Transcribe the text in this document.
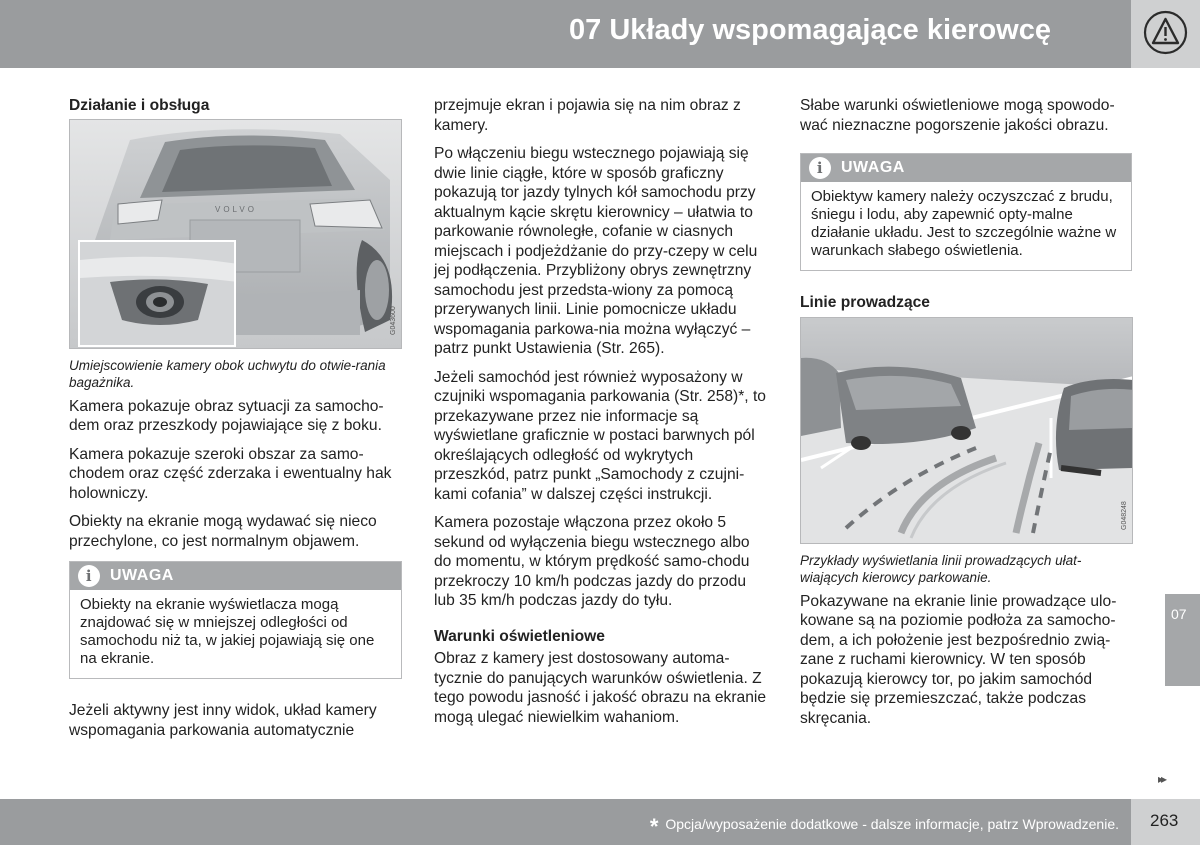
07 Układy wspomagające kierowcę
Działanie i obsługa
VOLVO
G043600
Umiejscowienie kamery obok uchwytu do otwie-rania bagażnika.

Kamera pokazuje obraz sytuacji za samocho-dem oraz przeszkody pojawiające się z boku.

Kamera pokazuje szeroki obszar za samo-chodem oraz część zderzaka i ewentualny hak holowniczy.

Obiekty na ekranie mogą wydawać się nieco przechylone, co jest normalnym objawem.

i	UWAGA
Obiekty na ekranie wyświetlacza mogą znajdować się w mniejszej odległości od samochodu niż ta, w jakiej pojawiają się one na ekranie.

Jeżeli aktywny jest inny widok, układ kamery wspomagania parkowania automatycznie

przejmuje ekran i pojawia się na nim obraz z kamery.

Po włączeniu biegu wstecznego pojawiają się dwie linie ciągłe, które w sposób graficzny pokazują tor jazdy tylnych kół samochodu przy aktualnym kącie skrętu kierownicy – ułatwia to parkowanie równoległe, cofanie w ciasnych miejscach i podjeżdżanie do przy-czepy w celu jej podłączenia. Przybliżony obrys zewnętrzny samochodu jest przedsta-wiony za pomocą przerywanych linii. Linie pomocnicze układu wspomagania parkowa-nia można wyłączyć – patrz punkt Ustawienia (Str. 265).

Jeżeli samochód jest również wyposażony w czujniki wspomagania parkowania (Str. 258)*, to przekazywane przez nie informacje są wyświetlane graficznie w postaci barwnych pól określających odległość od wykrytych przeszkód, patrz punkt „Samochody z czujni-kami cofania” w dalszej części instrukcji.

Kamera pozostaje włączona przez około 5 sekund od wyłączenia biegu wstecznego albo do momentu, w którym prędkość samo-chodu przekroczy 10 km/h podczas jazdy do przodu lub 35 km/h podczas jazdy do tyłu.

Warunki oświetleniowe

Obraz z kamery jest dostosowany automa-tycznie do panujących warunków oświetlenia. Z tego powodu jasność i jakość obrazu na ekranie mogą ulegać niewielkim wahaniom.

Słabe warunki oświetleniowe mogą spowodo-wać nieznaczne pogorszenie jakości obrazu.

i	UWAGA
Obiektyw kamery należy oczyszczać z brudu, śniegu i lodu, aby zapewnić opty-malne działanie układu. Jest to szczególnie ważne w warunkach słabego oświetlenia.
Linie prowadzące
G048248
Przykłady wyświetlania linii prowadzących ułat-wiających kierowcy parkowanie.

Pokazywane na ekranie linie prowadzące ulo-kowane są na poziomie podłoża za samocho-dem, a ich położenie jest bezpośrednio zwią-zane z ruchami kierownicy. W ten sposób pokazują kierowcy tor, po jakim samochód będzie się przemieszczać, także podczas skręcania.

07
▸▸
* Opcja/wyposażenie dodatkowe - dalsze informacje, patrz Wprowadzenie. 263
